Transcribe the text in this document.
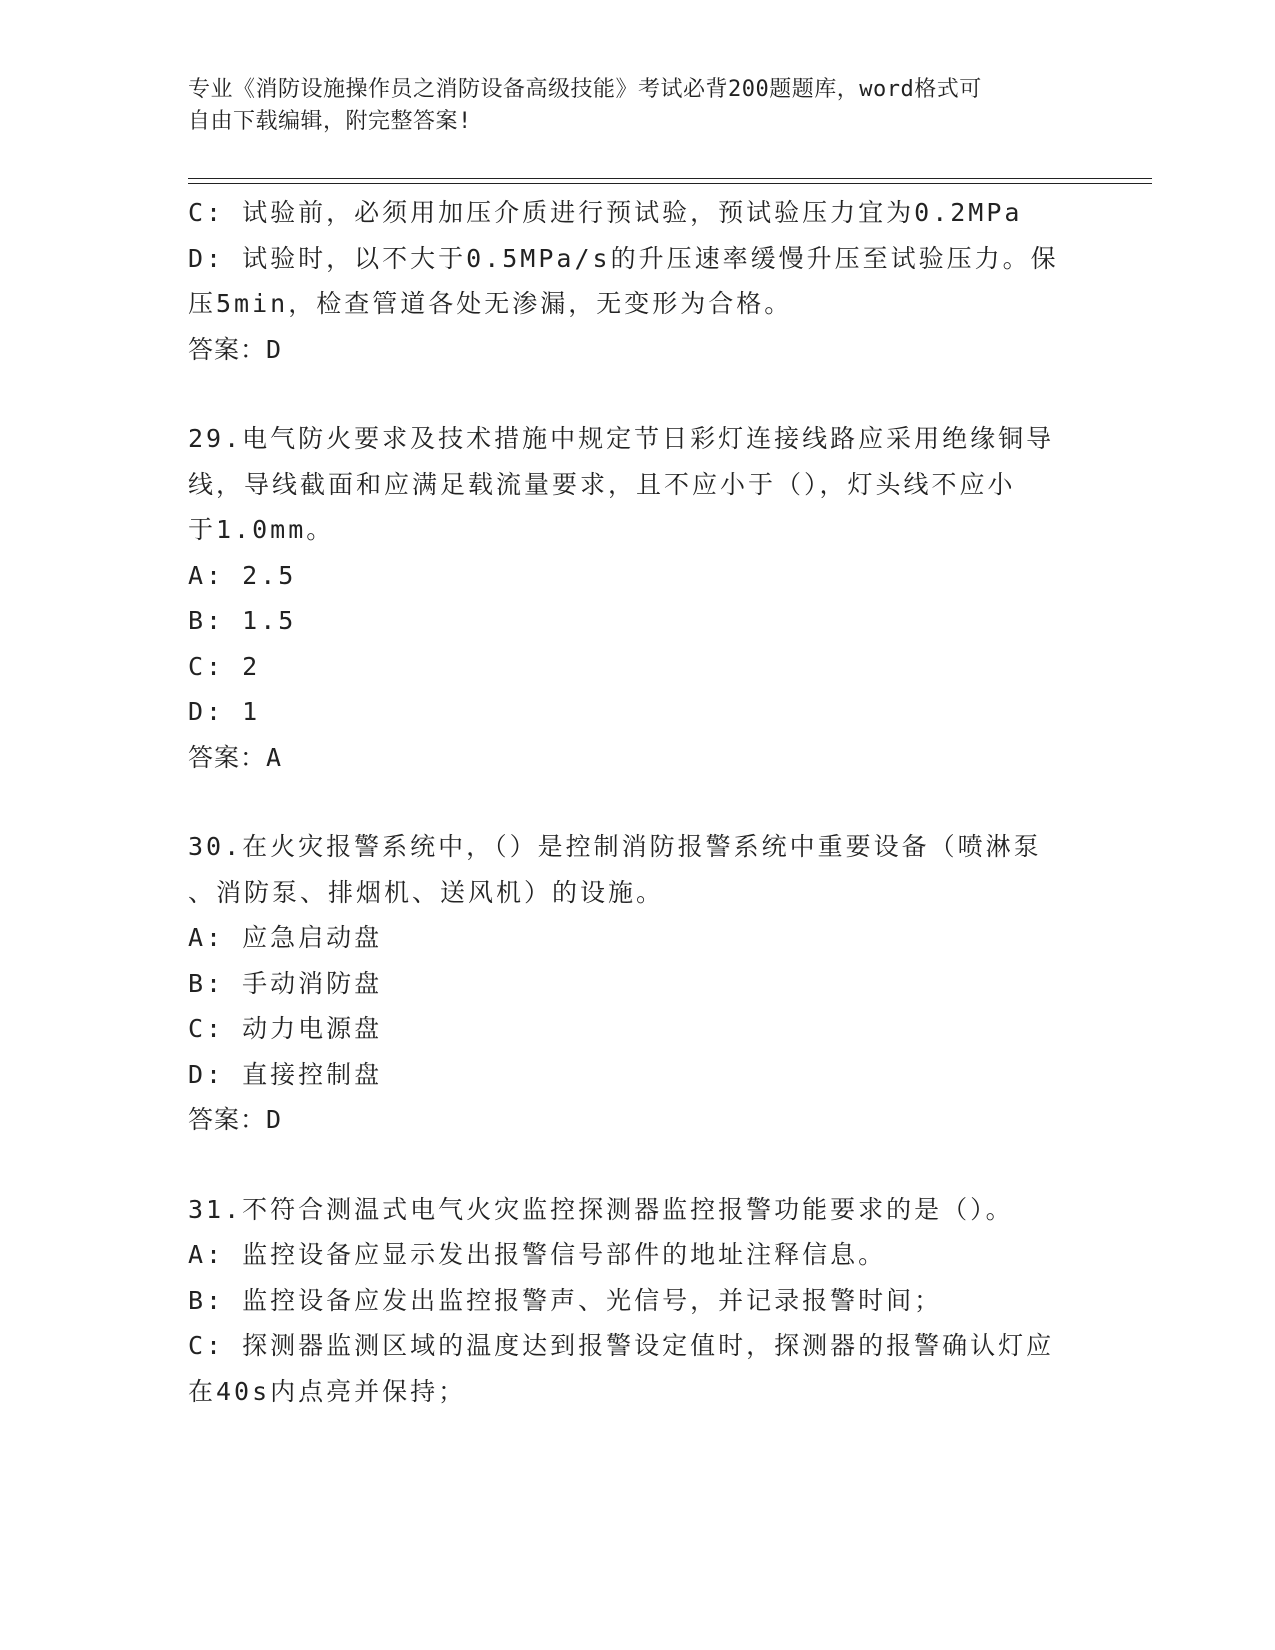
专业《消防设施操作员之消防设备高级技能》考试必背200题题库，word格式可
自由下载编辑，附完整答案!
C: 试验前，必须用加压介质进行预试验，预试验压力宜为0.2MPa
D: 试验时，以不大于0.5MPa/s的升压速率缓慢升压至试验压力。保
压5min，检查管道各处无渗漏，无变形为合格。
答案：D
29.电气防火要求及技术措施中规定节日彩灯连接线路应采用绝缘铜导
线，导线截面和应满足载流量要求，且不应小于（），灯头线不应小
于1.0mm。
A: 2.5
B: 1.5
C: 2
D: 1
答案：A
30.在火灾报警系统中，（）是控制消防报警系统中重要设备（喷淋泵
、消防泵、排烟机、送风机）的设施。
A: 应急启动盘
B: 手动消防盘
C: 动力电源盘
D: 直接控制盘
答案：D
31.不符合测温式电气火灾监控探测器监控报警功能要求的是（）。
A: 监控设备应显示发出报警信号部件的地址注释信息。
B: 监控设备应发出监控报警声、光信号，并记录报警时间；
C: 探测器监测区域的温度达到报警设定值时，探测器的报警确认灯应
在40s内点亮并保持；
